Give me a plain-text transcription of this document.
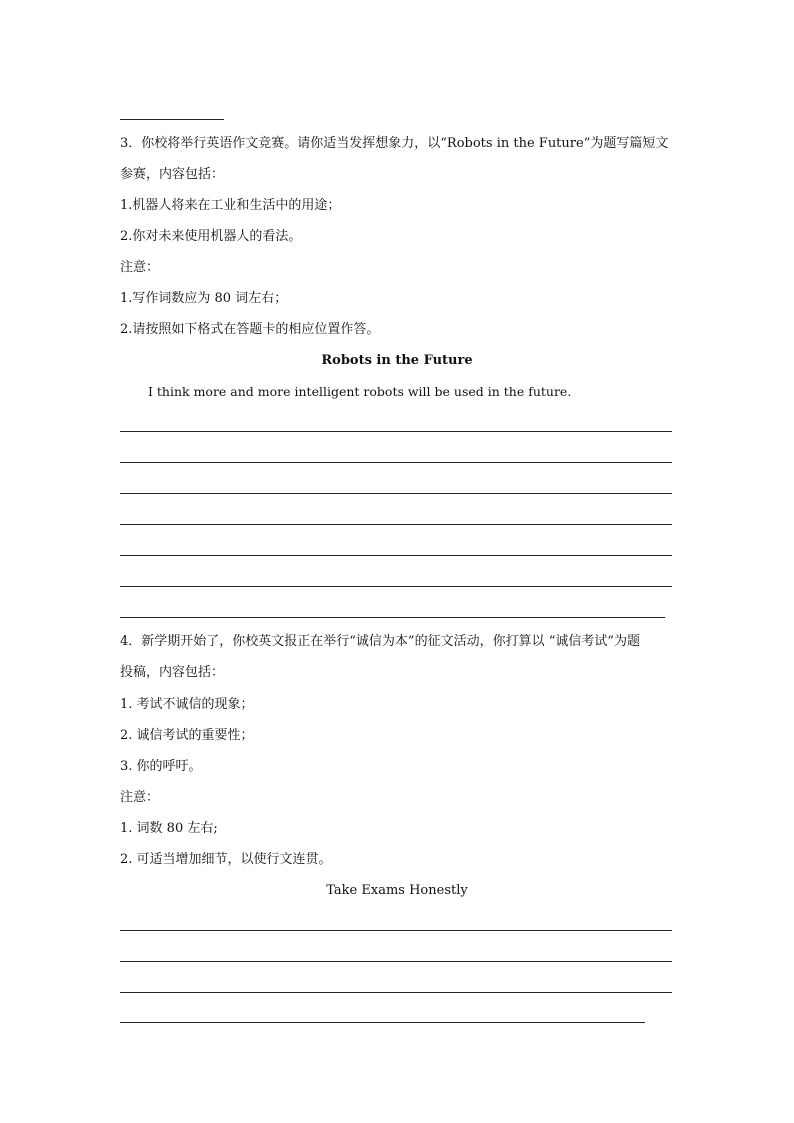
3．你校将举行英语作文竞赛。请你适当发挥想象力，以“Robots in the Future”为题写篇短文
参赛，内容包括：
1.机器人将来在工业和生活中的用途；
2.你对未来使用机器人的看法。
注意：
1.写作词数应为 80 词左右；
2.请按照如下格式在答题卡的相应位置作答。
Robots in the Future
I think more and more intelligent robots will be used in the future.
4．新学期开始了，你校英文报正在举行“诚信为本”的征文活动，你打算以 “诚信考试”为题
投稿，内容包括：
1. 考试不诚信的现象；
2. 诚信考试的重要性；
3. 你的呼吁。
注意：
1. 词数 80 左右;
2. 可适当增加细节，以使行文连贯。
Take Exams Honestly
